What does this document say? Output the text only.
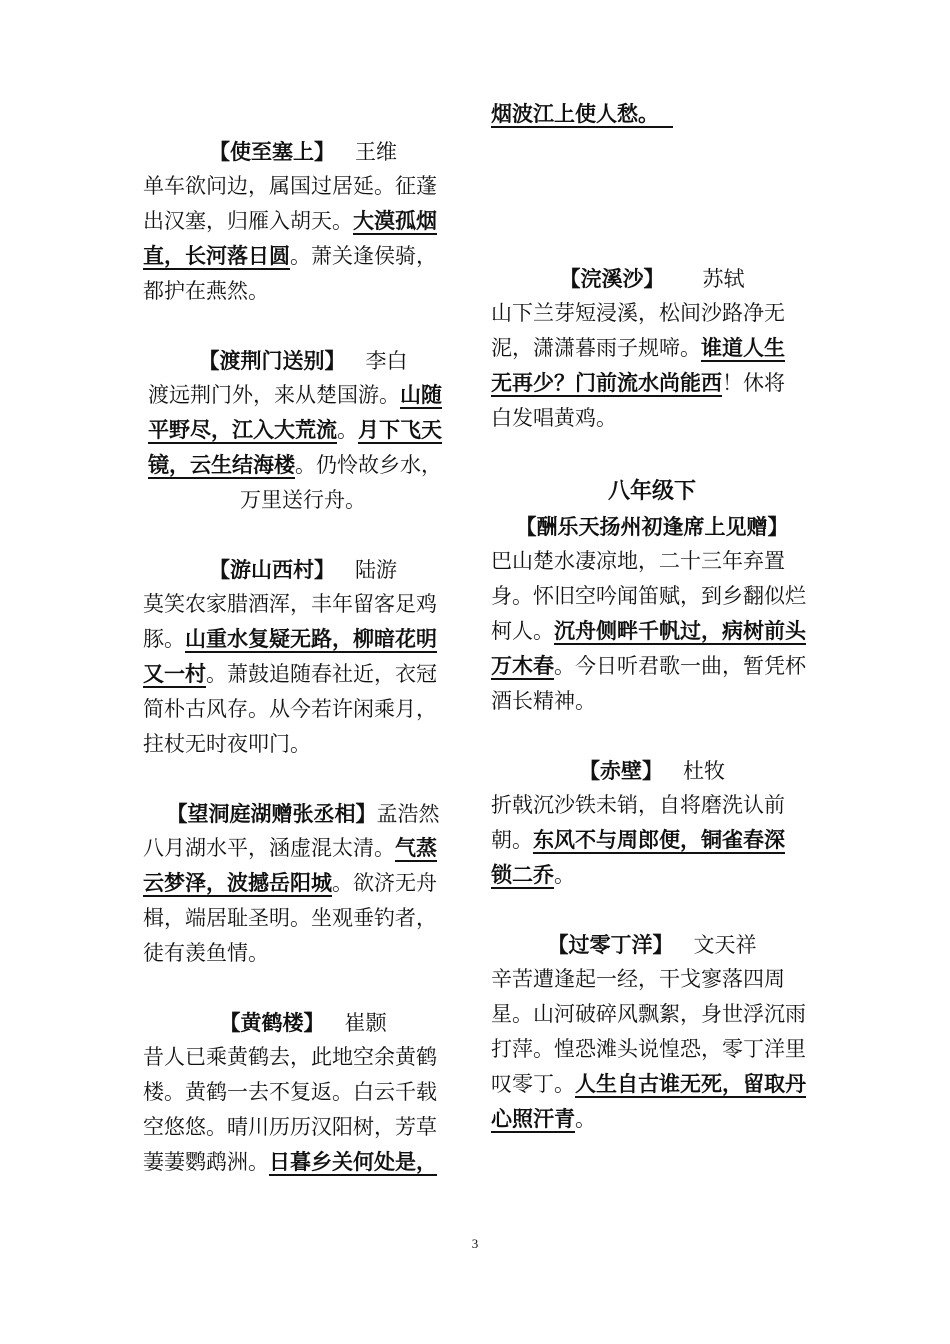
【使至塞上】 王维
单车欲问边，属国过居延。征蓬
出汉塞，归雁入胡天。大漠孤烟
直，长河落日圆。萧关逢侯骑，
都护在燕然。
【渡荆门送别】 李白
渡远荆门外，来从楚国游。山随
平野尽，江入大荒流。月下飞天
镜，云生结海楼。仍怜故乡水，
万里送行舟。
【游山西村】 陆游
莫笑农家腊酒浑，丰年留客足鸡
豚。山重水复疑无路，柳暗花明
又一村。萧鼓追随春社近，衣冠
简朴古风存。从今若许闲乘月，
拄杖无时夜叩门。
【望洞庭湖赠张丞相】孟浩然
八月湖水平，涵虚混太清。气蒸
云梦泽，波撼岳阳城。欲济无舟
楫，端居耻圣明。坐观垂钓者，
徒有羡鱼情。
【黄鹤楼】 崔颢
昔人已乘黄鹤去，此地空余黄鹤
楼。黄鹤一去不复返。白云千载
空悠悠。晴川历历汉阳树，芳草
萋萋鹦鹉洲。日暮乡关何处是，
烟波江上使人愁。
【浣溪沙】 苏轼
山下兰芽短浸溪，松间沙路净无
泥，潇潇暮雨子规啼。谁道人生
无再少？门前流水尚能西！休将
白发唱黄鸡。
八年级下
【酬乐天扬州初逢席上见赠】
巴山楚水凄凉地，二十三年弃置
身。怀旧空吟闻笛赋，到乡翻似烂
柯人。沉舟侧畔千帆过，病树前头
万木春。今日听君歌一曲，暂凭杯
酒长精神。
【赤壁】 杜牧
折戟沉沙铁未销，自将磨洗认前
朝。东风不与周郎便，铜雀春深
锁二乔。
【过零丁洋】 文天祥
辛苦遭逢起一经，干戈寥落四周
星。山河破碎风飘絮，身世浮沉雨
打萍。惶恐滩头说惶恐，零丁洋里
叹零丁。人生自古谁无死，留取丹
心照汗青。
3
